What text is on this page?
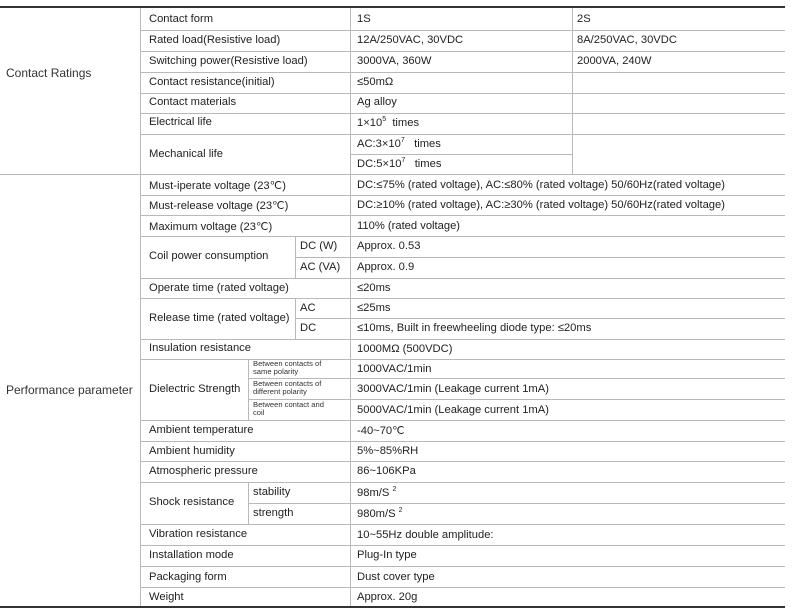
Contact Ratings
Performance parameter
Contact form	1S	2S
Rated load(Resistive load)	12A/250VAC, 30VDC	8A/250VAC, 30VDC
Switching power(Resistive load)	3000VA, 360W	2000VA, 240W
Contact resistance(initial)	≤50mΩ
Contact materials	Ag alloy
Electrical life	$1\times 10^5$ times
Mechanical life
$AC:3\times 10^7$ times
$DC:5\times 10^7$ times
Must-iperate voltage (23℃)	DC:≤75% (rated voltage), AC:≤80% (rated voltage) 50/60Hz(rated voltage)
Must-release voltage (23℃)	DC:≥10% (rated voltage), AC:≥30% (rated voltage) 50/60Hz(rated voltage)
Maximum voltage (23℃)	110% (rated voltage)
Coil power consumption
DC (W) Approx. 0.53
AC (VA) Approx. 0.9
Operate time (rated voltage)	≤20ms
Release time (rated voltage)
AC	≤25ms
DC	≤10ms, Built in freewheeling diode type: ≤20ms
Insulation resistance	1000MΩ (500VDC)
Dielectric Strength
Between contacts of same polarity	1000VAC/1min
Between contacts of different polarity	3000VAC/1min (Leakage current 1mA)
Between contact and coil	5000VAC/1min (Leakage current 1mA)
Ambient temperature	-40~70℃
Ambient humidity	5%~85%RH
Atmospheric pressure	86~106KPa
Shock resistance
stability	98m/S $^2$
strength	980m/S $^2$
Vibration resistance	10~55Hz double amplitude:
Installation mode	Plug-In type
Packaging form	Dust cover type
Weight	Approx. 20g
